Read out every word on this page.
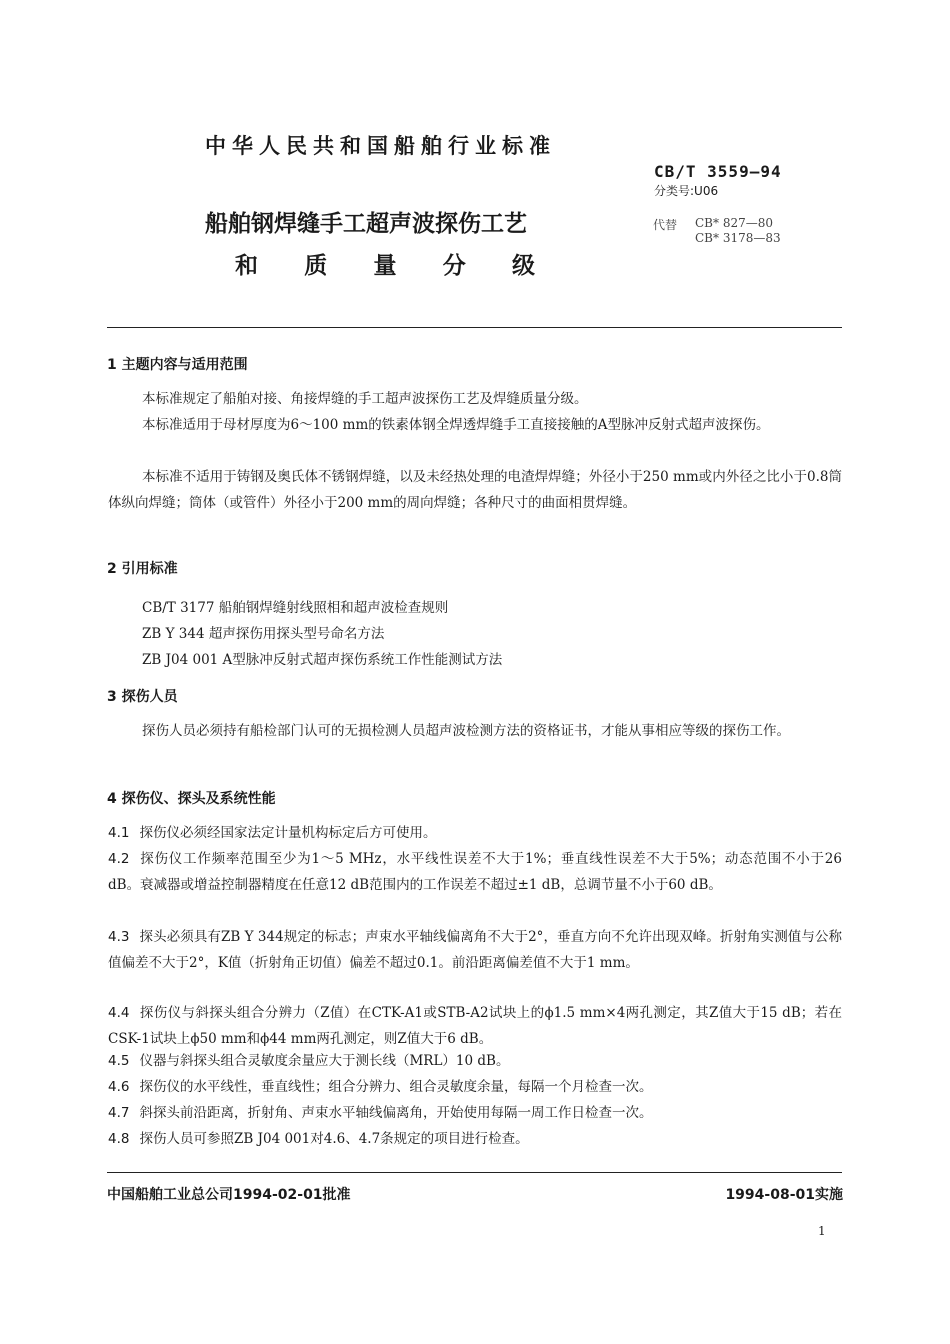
中华人民共和国船舶行业标准
CB/T 3559—94
分类号:U06
船舶钢焊缝手工超声波探伤工艺
和 质 量 分 级
代替 CB* 827—80
CB* 3178—83
1 主题内容与适用范围
本标准规定了船舶对接、角接焊缝的手工超声波探伤工艺及焊缝质量分级。
本标准适用于母材厚度为6～100 mm的铁素体钢全焊透焊缝手工直接接触的A型脉冲反射式超声波探伤。
本标准不适用于铸钢及奥氏体不锈钢焊缝，以及未经热处理的电渣焊焊缝；外径小于250 mm或内外径之比小于0.8筒体纵向焊缝；筒体（或管件）外径小于200 mm的周向焊缝；各种尺寸的曲面相贯焊缝。
2 引用标准
CB/T 3177 船舶钢焊缝射线照相和超声波检查规则
ZB Y 344 超声探伤用探头型号命名方法
ZB J04 001 A型脉冲反射式超声探伤系统工作性能测试方法
3 探伤人员
探伤人员必须持有船检部门认可的无损检测人员超声波检测方法的资格证书，才能从事相应等级的探伤工作。
4 探伤仪、探头及系统性能
4.1 探伤仪必须经国家法定计量机构标定后方可使用。
4.2 探伤仪工作频率范围至少为1～5 MHz，水平线性误差不大于1%；垂直线性误差不大于5%；动态范围不小于26 dB。衰减器或增益控制器精度在任意12 dB范围内的工作误差不超过±1 dB，总调节量不小于60 dB。
4.3 探头必须具有ZB Y 344规定的标志；声束水平轴线偏离角不大于2°，垂直方向不允许出现双峰。折射角实测值与公称值偏差不大于2°，K值（折射角正切值）偏差不超过0.1。前沿距离偏差值不大于1 mm。
4.4 探伤仪与斜探头组合分辨力（Z值）在CTK-A1或STB-A2试块上的ϕ1.5 mm×4两孔测定，其Z值大于15 dB；若在CSK-1试块上ϕ50 mm和ϕ44 mm两孔测定，则Z值大于6 dB。
4.5 仪器与斜探头组合灵敏度余量应大于测长线（MRL）10 dB。
4.6 探伤仪的水平线性，垂直线性；组合分辨力、组合灵敏度余量，每隔一个月检查一次。
4.7 斜探头前沿距离，折射角、声束水平轴线偏离角，开始使用每隔一周工作日检查一次。
4.8 探伤人员可参照ZB J04 001对4.6、4.7条规定的项目进行检查。
中国船舶工业总公司1994-02-01批准	1994-08-01实施
1
